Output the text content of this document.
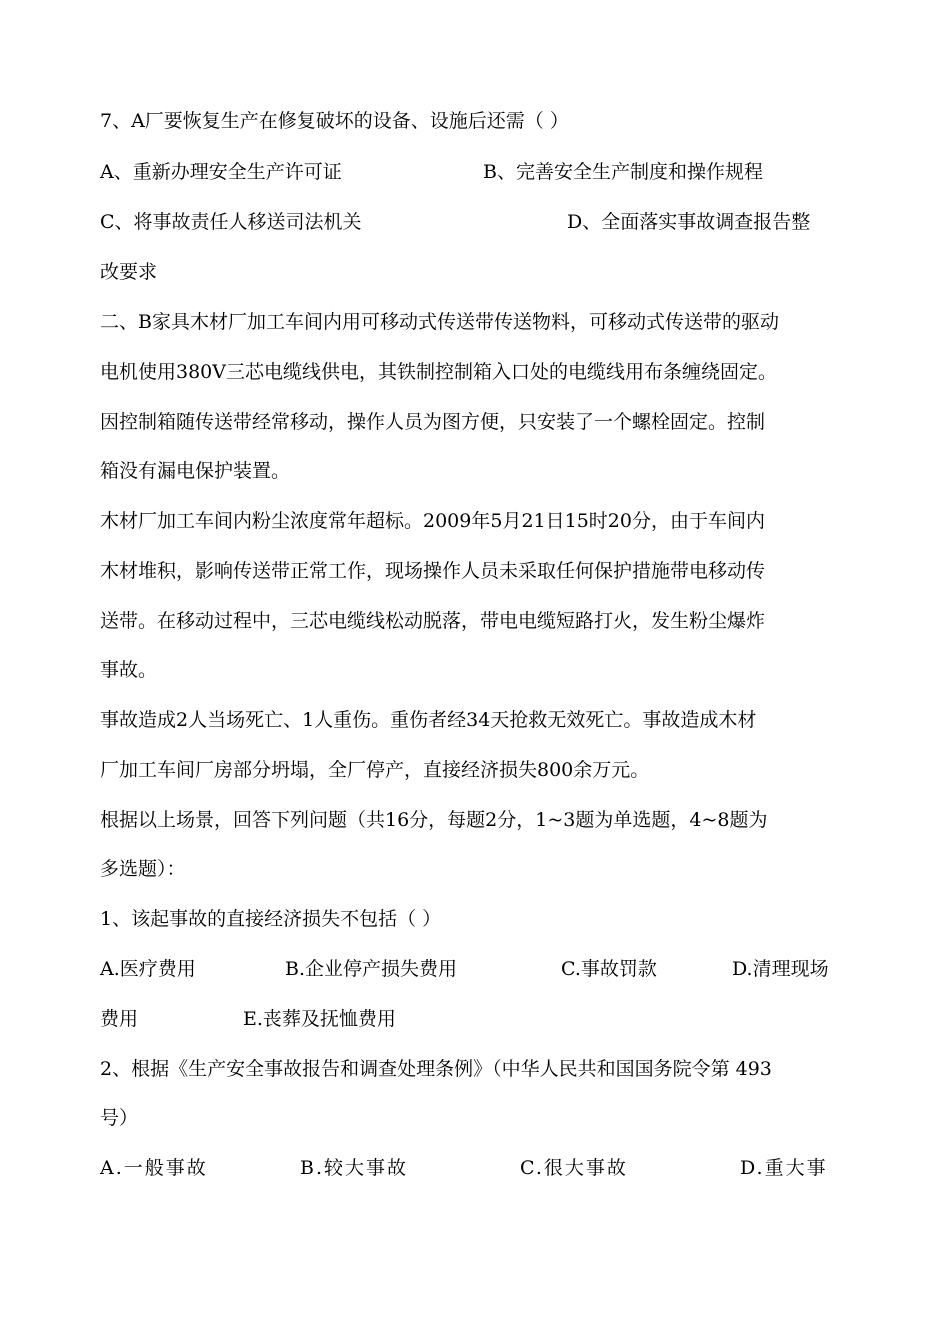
7、A厂要恢复生产在修复破坏的设备、设施后还需（ ）
A、重新办理安全生产许可证	B、完善安全生产制度和操作规程
C、将事故责任人移送司法机关	D、全面落实事故调查报告整
改要求
二、B家具木材厂加工车间内用可移动式传送带传送物料，可移动式传送带的驱动
电机使用380V三芯电缆线供电，其铁制控制箱入口处的电缆线用布条缠绕固定。
因控制箱随传送带经常移动，操作人员为图方便，只安装了一个螺栓固定。控制
箱没有漏电保护装置。
木材厂加工车间内粉尘浓度常年超标。2009年5月21日15时20分，由于车间内
木材堆积，影响传送带正常工作，现场操作人员未采取任何保护措施带电移动传
送带。在移动过程中，三芯电缆线松动脱落，带电电缆短路打火，发生粉尘爆炸
事故。
事故造成2人当场死亡、1人重伤。重伤者经34天抢救无效死亡。事故造成木材
厂加工车间厂房部分坍塌，全厂停产，直接经济损失800余万元。
根据以上场景，回答下列问题（共16分，每题2分，1~3题为单选题，4~8题为
多选题）：
1、该起事故的直接经济损失不包括（ ）
A.医疗费用	B.企业停产损失费用	C.事故罚款	D.清理现场
费用	E.丧葬及抚恤费用
2、根据《生产安全事故报告和调查处理条例》（中华人民共和国国务院令第 493
号）
A.一般事故	B.较大事故	C.很大事故	D.重大事
